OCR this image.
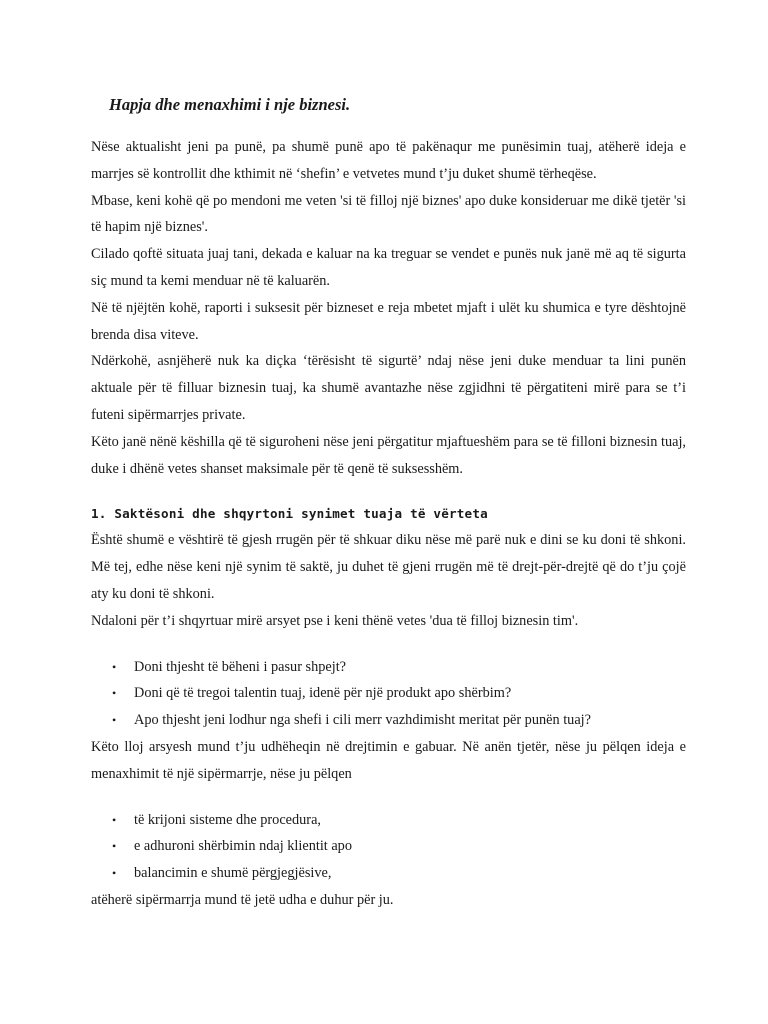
Hapja dhe menaxhimi i nje biznesi.

Nëse aktualisht jeni pa punë, pa shumë punë apo të pakënaqur me punësimin tuaj, atëherë ideja e marrjes së kontrollit dhe kthimit në ‘shefin’ e vetvetes mund t’ju duket shumë tërheqëse.

Mbase, keni kohë që po mendoni me veten 'si të filloj një biznes' apo duke konsideruar me dikë tjetër 'si të hapim një biznes'.

Cilado qoftë situata juaj tani, dekada e kaluar na ka treguar se vendet e punës nuk janë më aq të sigurta siç mund ta kemi menduar në të kaluarën.

Në të njëjtën kohë, raporti i suksesit për bizneset e reja mbetet mjaft i ulët ku shumica e tyre dështojnë brenda disa viteve.

Ndërkohë, asnjëherë nuk ka diçka ‘tërësisht të sigurtë’ ndaj nëse jeni duke menduar ta lini punën aktuale për të filluar biznesin tuaj, ka shumë avantazhe nëse zgjidhni të përgatiteni mirë para se t’i futeni sipërmarrjes private.

Këto janë nënë këshilla që të siguroheni nëse jeni përgatitur mjaftueshëm para se të filloni biznesin tuaj, duke i dhënë vetes shanset maksimale për të qenë të suksesshëm.

1. Saktësoni dhe shqyrtoni synimet tuaja të vërteta

Është shumë e vështirë të gjesh rrugën për të shkuar diku nëse më parë nuk e dini se ku doni të shkoni. Më tej, edhe nëse keni një synim të saktë, ju duhet të gjeni rrugën më të drejt-për-drejtë që do t’ju çojë aty ku doni të shkoni.

Ndaloni për t’i shqyrtuar mirë arsyet pse i keni thënë vetes 'dua të filloj biznesin tim'.

• Doni thjesht të bëheni i pasur shpejt?
• Doni që të tregoi talentin tuaj, idenë për një produkt apo shërbim?
• Apo thjesht jeni lodhur nga shefi i cili merr vazhdimisht meritat për punën tuaj?

Këto lloj arsyesh mund t’ju udhëheqin në drejtimin e gabuar. Në anën tjetër, nëse ju pëlqen ideja e menaxhimit të një sipërmarrje, nëse ju pëlqen

• të krijoni sisteme dhe procedura,
• e adhuroni shërbimin ndaj klientit apo
• balancimin e shumë përgjegjësive,

atëherë sipërmarrja mund të jetë udha e duhur për ju.
